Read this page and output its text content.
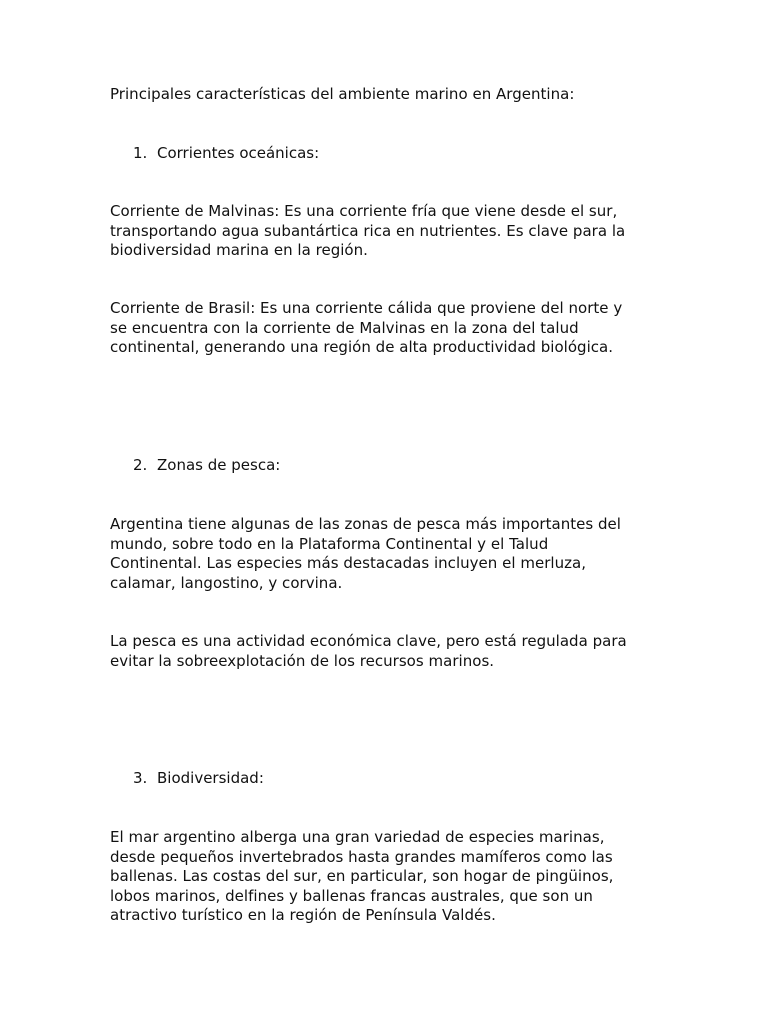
Principales características del ambiente marino en Argentina:

1. Corrientes oceánicas:

Corriente de Malvinas: Es una corriente fría que viene desde el sur,
transportando agua subantártica rica en nutrientes. Es clave para la
biodiversidad marina en la región.

Corriente de Brasil: Es una corriente cálida que proviene del norte y
se encuentra con la corriente de Malvinas en la zona del talud
continental, generando una región de alta productividad biológica.

2. Zonas de pesca:

Argentina tiene algunas de las zonas de pesca más importantes del
mundo, sobre todo en la Plataforma Continental y el Talud
Continental. Las especies más destacadas incluyen el merluza,
calamar, langostino, y corvina.

La pesca es una actividad económica clave, pero está regulada para
evitar la sobreexplotación de los recursos marinos.

3. Biodiversidad:

El mar argentino alberga una gran variedad de especies marinas,
desde pequeños invertebrados hasta grandes mamíferos como las
ballenas. Las costas del sur, en particular, son hogar de pingüinos,
lobos marinos, delfines y ballenas francas australes, que son un
atractivo turístico en la región de Península Valdés.
